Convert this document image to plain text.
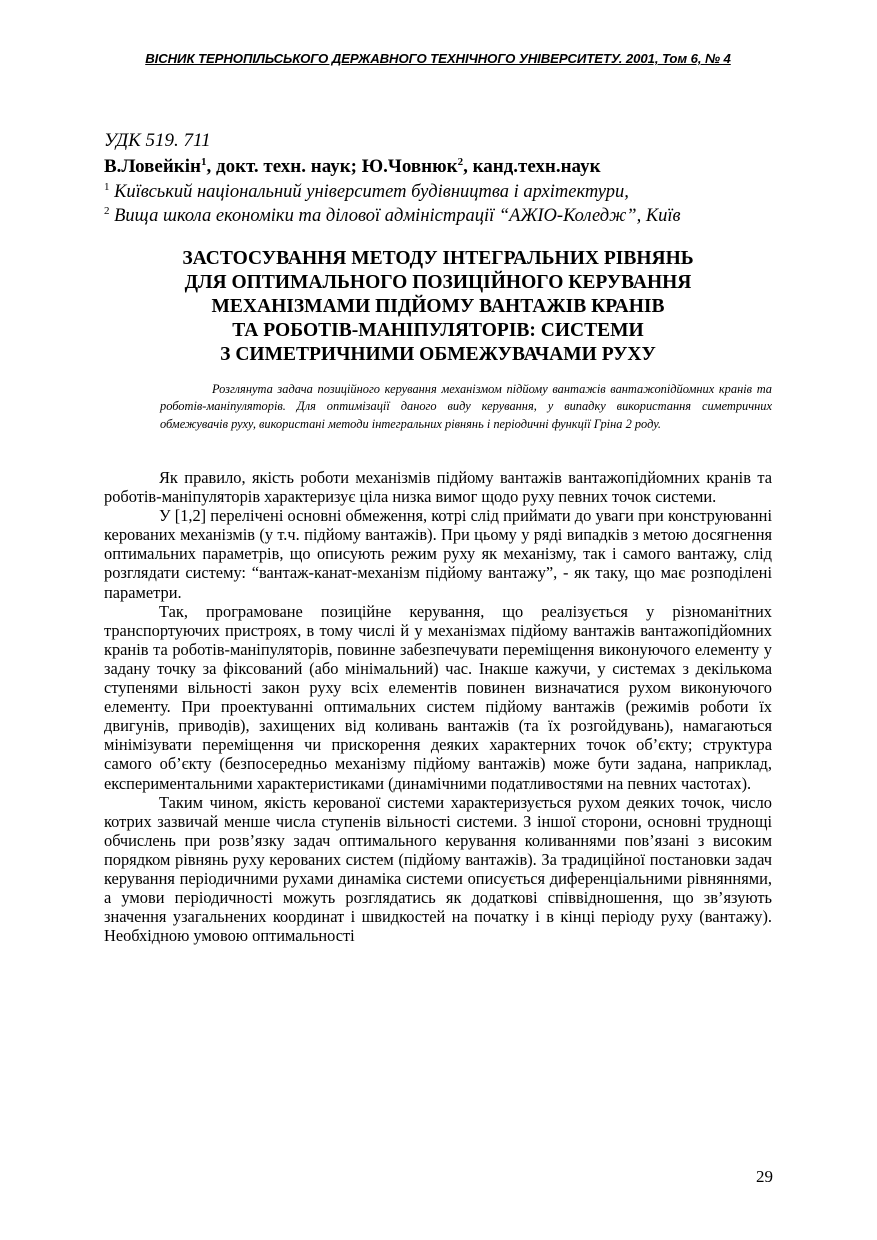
ВІСНИК ТЕРНОПІЛЬСЬКОГО ДЕРЖАВНОГО ТЕХНІЧНОГО УНІВЕРСИТЕТУ. 2001, Том 6, № 4
УДК 519. 711
В.Ловейкін$^1$, докт. техн. наук; Ю.Човнюк$^2$, канд.техн.наук
$^1$ Київський національний університет будівництва і архітектури,
$^2$ Вища школа економіки та ділової адміністрації “АЖІО-Коледж”, Київ
ЗАСТОСУВАННЯ МЕТОДУ ІНТЕГРАЛЬНИХ РІВНЯНЬ
ДЛЯ ОПТИМАЛЬНОГО ПОЗИЦІЙНОГО КЕРУВАННЯ
МЕХАНІЗМАМИ ПІДЙОМУ ВАНТАЖІВ КРАНІВ
ТА РОБОТІВ-МАНІПУЛЯТОРІВ: СИСТЕМИ
З СИМЕТРИЧНИМИ ОБМЕЖУВАЧАМИ РУХУ
Розглянута задача позиційного керування механізмом підйому вантажів вантажопідйомних кранів та роботів-маніпуляторів. Для оптимізації даного виду керування, у випадку використання симетричних обмежувачів руху, використані методи інтегральних рівнянь і періодичні функції Гріна 2 роду.

Як правило, якість роботи механізмів підйому вантажів вантажопідйомних кранів та роботів-маніпуляторів характеризує ціла низка вимог щодо руху певних точок системи.

У [1,2] перелічені основні обмеження, котрі слід приймати до уваги при конструюванні керованих механізмів (у т.ч. підйому вантажів). При цьому у ряді випадків з метою досягнення оптимальних параметрів, що описують режим руху як механізму, так і самого вантажу, слід розглядати систему: “вантаж-канат-механізм підйому вантажу”, - як таку, що має розподілені параметри.

Так, програмоване позиційне керування, що реалізується у різноманітних транспортуючих пристроях, в тому числі й у механізмах підйому вантажів вантажопідйомних кранів та роботів-маніпуляторів, повинне забезпечувати переміщення виконуючого елементу у задану точку за фіксований (або мінімальний) час. Інакше кажучи, у системах з декількома ступенями вільності закон руху всіх елементів повинен визначатися рухом виконуючого елементу. При проектуванні оптимальних систем підйому вантажів (режимів роботи їх двигунів, приводів), захищених від коливань вантажів (та їх розгойдувань), намагаються мінімізувати переміщення чи прискорення деяких характерних точок об’єкту; структура самого об’єкту (безпосередньо механізму підйому вантажів) може бути задана, наприклад, експериментальними характеристиками (динамічними податливостями на певних частотах).

Таким чином, якість керованої системи характеризується рухом деяких точок, число котрих зазвичай менше числа ступенів вільності системи. З іншої сторони, основні труднощі обчислень при розв’язку задач оптимального керування коливаннями пов’язані з високим порядком рівнянь руху керованих систем (підйому вантажів). За традиційної постановки задач керування періодичними рухами динаміка системи описується диференціальними рівняннями, а умови періодичності можуть розглядатись як додаткові співвідношення, що зв’язують значення узагальнених координат і швидкостей на початку і в кінці періоду руху (вантажу). Необхідною умовою оптимальності

29
